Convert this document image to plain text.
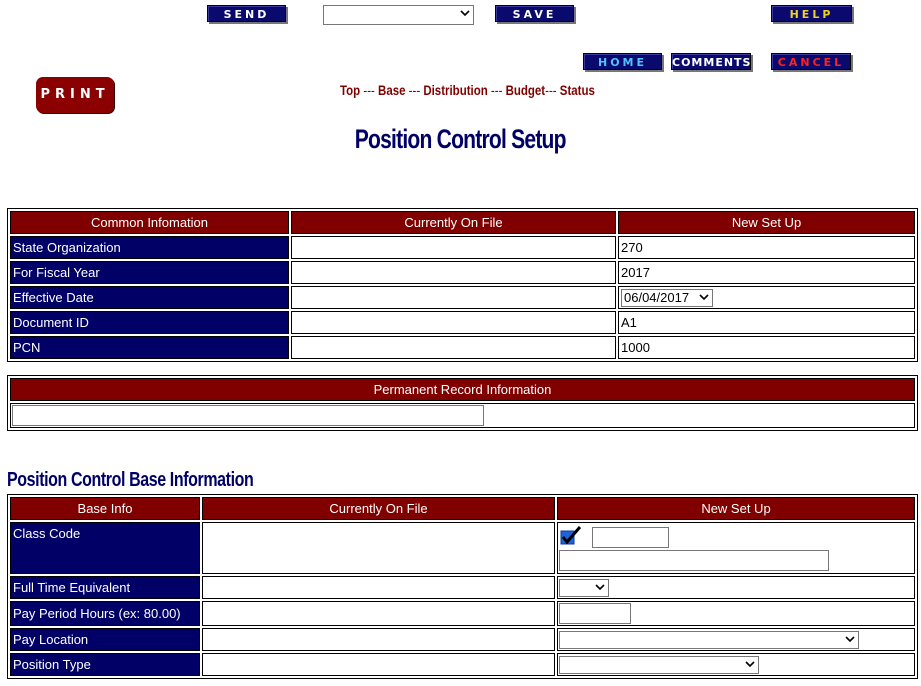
SEND	SAVE	HELP
HOME	COMMENTS	CANCEL
PRINT	Top --- Base --- Distribution --- Budget--- Status
Position Control Setup
Common Infomation	Currently On File	New Set Up
State Organization		270
For Fiscal Year		2017
Effective Date		06/04/2017

Document ID		A1
PCN		1000
Permanent Record Information

Position Control Base Information
Base Info	Currently On File	New Set Up
Class Code		

Full Time Equivalent		

Pay Period Hours (ex: 80.00)		
Pay Location		

Position Type		
